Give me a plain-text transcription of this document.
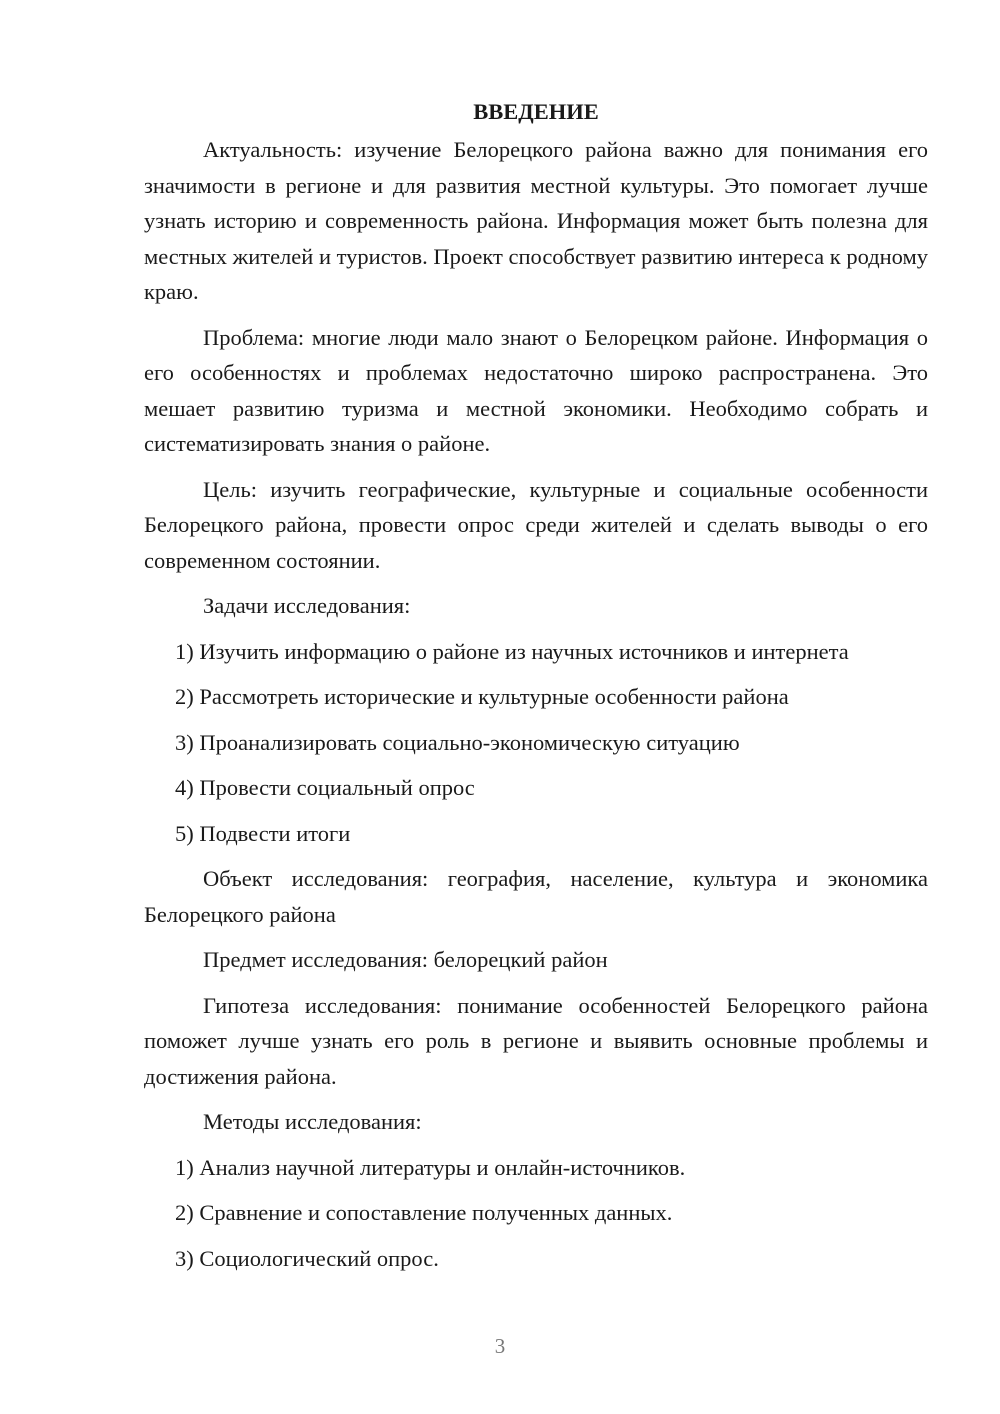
ВВЕДЕНИЕ

Актуальность: изучение Белорецкого района важно для понимания его значимости в регионе и для развития местной культуры. Это помогает лучше узнать историю и современность района. Информация может быть полезна для местных жителей и туристов. Проект способствует развитию интереса к родному краю.

Проблема: многие люди мало знают о Белорецком районе. Информация о его особенностях и проблемах недостаточно широко распространена. Это мешает развитию туризма и местной экономики. Необходимо собрать и систематизировать знания о районе.

Цель: изучить географические, культурные и социальные особенности Белорецкого района, провести опрос среди жителей и сделать выводы о его современном состоянии.

Задачи исследования:

1) Изучить информацию о районе из научных источников и интернета
2) Рассмотреть исторические и культурные особенности района
3) Проанализировать социально-экономическую ситуацию
4) Провести социальный опрос
5) Подвести итоги

Объект исследования: география, население, культура и экономика Белорецкого района

Предмет исследования: белорецкий район

Гипотеза исследования: понимание особенностей Белорецкого района поможет лучше узнать его роль в регионе и выявить основные проблемы и достижения района.

Методы исследования:

1) Анализ научной литературы и онлайн-источников.
2) Сравнение и сопоставление полученных данных.
3) Социологический опрос.
3
